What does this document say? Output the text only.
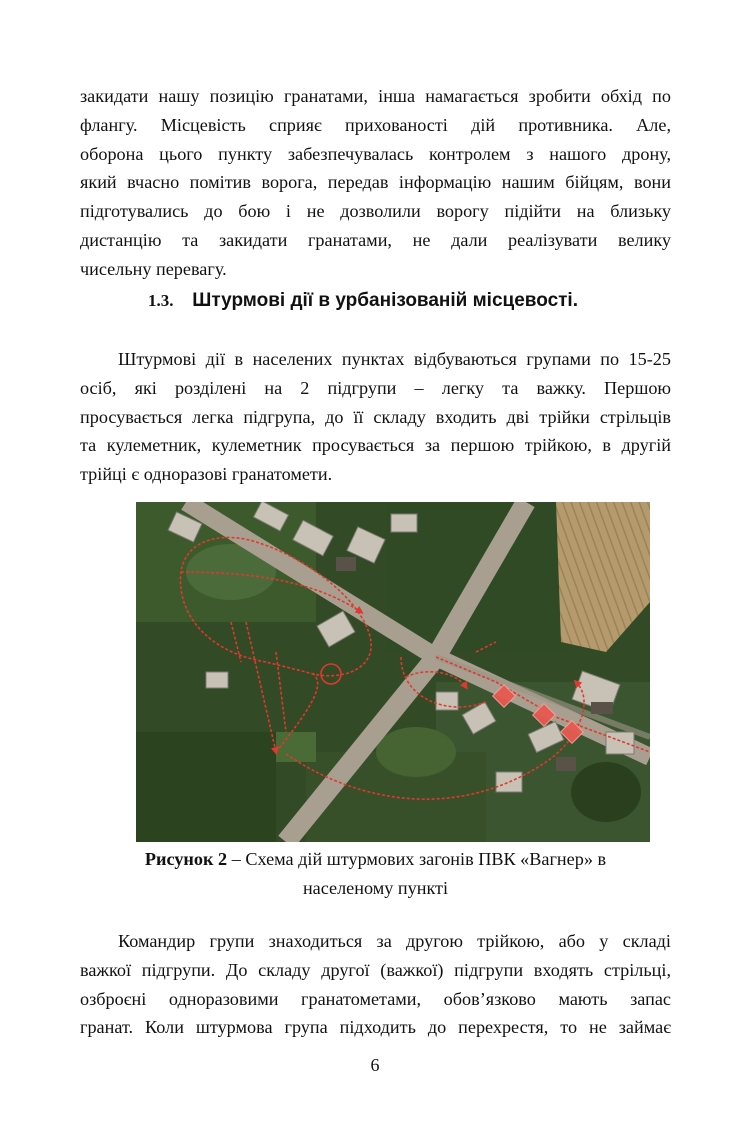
закидати нашу позицію гранатами, інша намагається зробити обхід по
флангу. Місцевість сприяє прихованості дій противника. Але,
оборона цього пункту забезпечувалась контролем з нашого дрону,
який вчасно помітив ворога, передав інформацію нашим бійцям, вони
підготувались до бою і не дозволили ворогу підійти на близьку
дистанцію та закидати гранатами, не дали реалізувати велику
чисельну перевагу.
1.3. Штурмові дії в урбанізованій місцевості.
Штурмові дії в населених пунктах відбуваються групами по 15-25
осіб, які розділені на 2 підгрупи – легку та важку. Першою
просувається легка підгрупа, до її складу входить дві трійки стрільців
та кулеметник, кулеметник просувається за першою трійкою, в другій
трійці є одноразові гранатомети.

Рисунок 2 – Схема дій штурмових загонів ПВК «Вагнер» в
населеному пункті

Командир групи знаходиться за другою трійкою, або у складі
важкої підгрупи. До складу другої (важкої) підгрупи входять стрільці,
озброєні одноразовими гранатометами, обов’язково мають запас
гранат. Коли штурмова група підходить до перехрестя, то не займає
6
